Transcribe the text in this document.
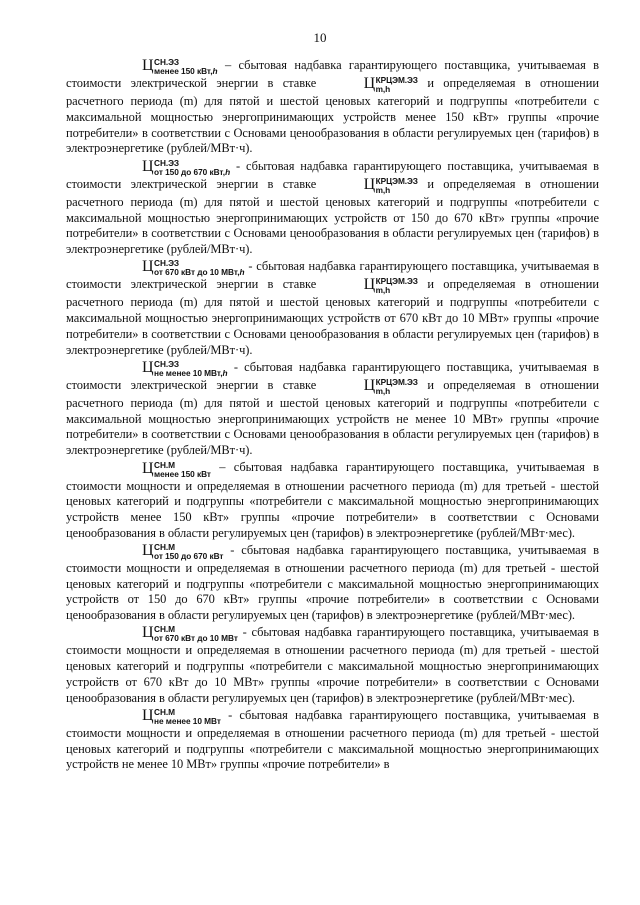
10

Ц СН.ЭЗ
менее 150 кВт,h – сбытовая надбавка гарантирующего поставщика, учитываемая в стоимости электрической энергии в ставке	Ц КРЦЭМ.ЭЗ
m,h	и определяемая в отношении расчетного периода (m) для пятой и шестой ценовых категорий и подгруппы «потребители с максимальной мощностью энергопринимающих устройств менее 150 кВт» группы «прочие потребители» в соответствии с Основами ценообразования в области регулируемых цен (тарифов) в электроэнергетике (рублей/МВт·ч).

Ц СН.ЭЗ
от 150 до 670 кВт,h - сбытовая надбавка гарантирующего поставщика, учитываемая в стоимости электрической энергии в ставке	Ц КРЦЭМ.ЭЗ
m,h	и определяемая в отношении расчетного периода (m) для пятой и шестой ценовых категорий и подгруппы «потребители с максимальной мощностью энергопринимающих устройств от 150 до 670 кВт» группы «прочие потребители» в соответствии с Основами ценообразования в области регулируемых цен (тарифов) в электроэнергетике (рублей/МВт·ч).

Ц СН.ЭЗ
от 670 кВт до 10 МВт,h - сбытовая надбавка гарантирующего поставщика, учитываемая в стоимости электрической энергии в ставке	Ц КРЦЭМ.ЭЗ
m,h	и определяемая в отношении расчетного периода (m) для пятой и шестой ценовых категорий и подгруппы «потребители с максимальной мощностью энергопринимающих устройств от 670 кВт до 10 МВт» группы «прочие потребители» в соответствии с Основами ценообразования в области регулируемых цен (тарифов) в электроэнергетике (рублей/МВт·ч).

Ц СН.ЭЗ
не менее 10 МВт,h - сбытовая надбавка гарантирующего поставщика, учитываемая в стоимости электрической энергии в ставке	Ц КРЦЭМ.ЭЗ
m,h	и определяемая в отношении расчетного периода (m) для пятой и шестой ценовых категорий и подгруппы «потребители с максимальной мощностью энергопринимающих устройств не менее 10 МВт» группы «прочие потребители» в соответствии с Основами ценообразования в области регулируемых цен (тарифов) в электроэнергетике (рублей/МВт·ч).

Ц СН.М
менее 150 кВт – сбытовая надбавка гарантирующего поставщика, учитываемая в стоимости мощности и определяемая в отношении расчетного периода (m) для третьей - шестой ценовых категорий и подгруппы «потребители с максимальной мощностью энергопринимающих устройств менее 150 кВт» группы «прочие потребители» в соответствии с Основами ценообразования в области регулируемых цен (тарифов) в электроэнергетике (рублей/МВт·мес).

Ц СН.М
от 150 до 670 кВт - сбытовая надбавка гарантирующего поставщика, учитываемая в стоимости мощности и определяемая в отношении расчетного периода (m) для третьей - шестой ценовых категорий и подгруппы «потребители с максимальной мощностью энергопринимающих устройств от 150 до 670 кВт» группы «прочие потребители» в соответствии с Основами ценообразования в области регулируемых цен (тарифов) в электроэнергетике (рублей/МВт·мес).

Ц СН.М
от 670 кВт до 10 МВт - сбытовая надбавка гарантирующего поставщика, учитываемая в стоимости мощности и определяемая в отношении расчетного периода (m) для третьей - шестой ценовых категорий и подгруппы «потребители с максимальной мощностью энергопринимающих устройств от 670 кВт до 10 МВт» группы «прочие потребители» в соответствии с Основами ценообразования в области регулируемых цен (тарифов) в электроэнергетике (рублей/МВт·мес).

Ц СН.М
не менее 10 МВт - сбытовая надбавка гарантирующего поставщика, учитываемая в стоимости мощности и определяемая в отношении расчетного периода (m) для третьей - шестой ценовых категорий и подгруппы «потребители с максимальной мощностью энергопринимающих устройств не менее 10 МВт» группы «прочие потребители» в
